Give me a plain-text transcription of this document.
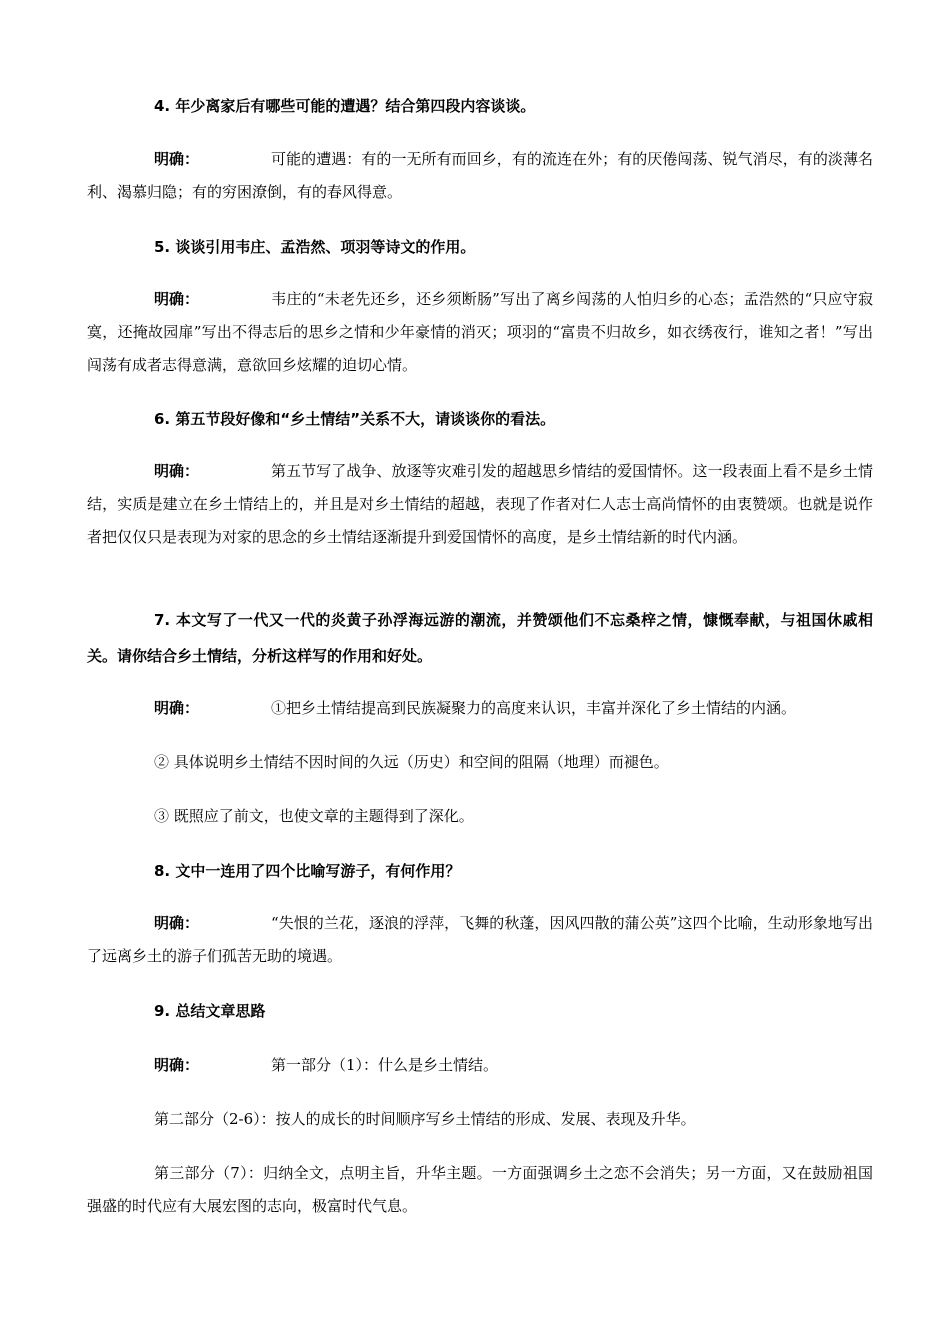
4. 年少离家后有哪些可能的遭遇？结合第四段内容谈谈。
明确：	可能的遭遇：有的一无所有而回乡，有的流连在外；有的厌倦闯荡、锐气消尽，有的淡薄名利、渴慕归隐；有的穷困潦倒，有的春风得意。
5. 谈谈引用韦庄、孟浩然、项羽等诗文的作用。
明确：	韦庄的“未老先还乡，还乡须断肠”写出了离乡闯荡的人怕归乡的心态；孟浩然的“只应守寂寞，还掩故园扉”写出不得志后的思乡之情和少年豪情的消灭；项羽的“富贵不归故乡，如衣绣夜行，谁知之者！”写出闯荡有成者志得意满，意欲回乡炫耀的迫切心情。
6. 第五节段好像和“乡土情结”关系不大，请谈谈你的看法。
明确：	第五节写了战争、放逐等灾难引发的超越思乡情结的爱国情怀。这一段表面上看不是乡土情结，实质是建立在乡土情结上的，并且是对乡土情结的超越，表现了作者对仁人志士高尚情怀的由衷赞颂。也就是说作者把仅仅只是表现为对家的思念的乡土情结逐渐提升到爱国情怀的高度，是乡土情结新的时代内涵。
7. 本文写了一代又一代的炎黄子孙浮海远游的潮流，并赞颂他们不忘桑梓之情，慷慨奉献，与祖国休戚相关。请你结合乡土情结，分析这样写的作用和好处。
明确：	①把乡土情结提高到民族凝聚力的高度来认识，丰富并深化了乡土情结的内涵。
② 具体说明乡土情结不因时间的久远（历史）和空间的阻隔（地理）而褪色。
③ 既照应了前文，也使文章的主题得到了深化。
8. 文中一连用了四个比喻写游子，有何作用？
明确：	“失恨的兰花，逐浪的浮萍，飞舞的秋蓬，因风四散的蒲公英”这四个比喻，生动形象地写出了远离乡土的游子们孤苦无助的境遇。
9. 总结文章思路
明确：	第一部分（1）：什么是乡土情结。
第二部分（2-6）：按人的成长的时间顺序写乡土情结的形成、发展、表现及升华。
第三部分（7）：归纳全文，点明主旨，升华主题。一方面强调乡土之恋不会消失；另一方面，又在鼓励祖国强盛的时代应有大展宏图的志向，极富时代气息。
